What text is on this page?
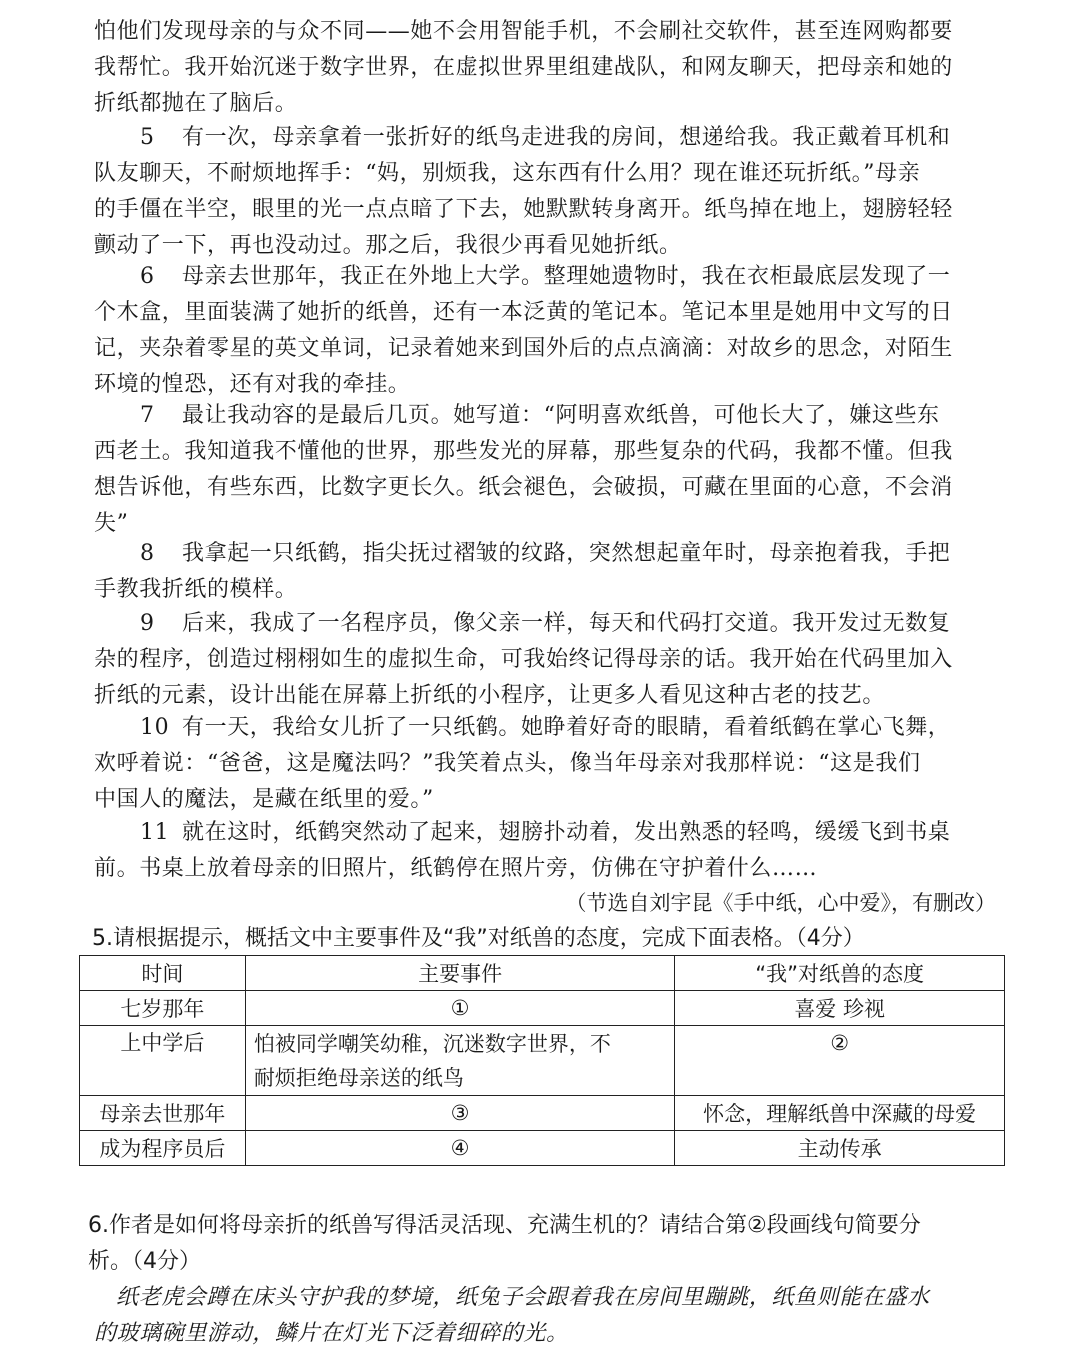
怕他们发现母亲的与众不同——她不会用智能手机，不会刷社交软件，甚至连网购都要
我帮忙。我开始沉迷于数字世界，在虚拟世界里组建战队，和网友聊天，把母亲和她的
折纸都抛在了脑后。
5 有一次，母亲拿着一张折好的纸鸟走进我的房间，想递给我。我正戴着耳机和
队友聊天，不耐烦地挥手：“妈，别烦我，这东西有什么用？现在谁还玩折纸。”母亲
的手僵在半空，眼里的光一点点暗了下去，她默默转身离开。纸鸟掉在地上，翅膀轻轻
颤动了一下，再也没动过。那之后，我很少再看见她折纸。
6 母亲去世那年，我正在外地上大学。整理她遗物时，我在衣柜最底层发现了一
个木盒，里面装满了她折的纸兽，还有一本泛黄的笔记本。笔记本里是她用中文写的日
记，夹杂着零星的英文单词，记录着她来到国外后的点点滴滴：对故乡的思念，对陌生
环境的惶恐，还有对我的牵挂。
7 最让我动容的是最后几页。她写道：“阿明喜欢纸兽，可他长大了，嫌这些东
西老土。我知道我不懂他的世界，那些发光的屏幕，那些复杂的代码，我都不懂。但我
想告诉他，有些东西，比数字更长久。纸会褪色，会破损，可藏在里面的心意，不会消
失”
8 我拿起一只纸鹤，指尖抚过褶皱的纹路，突然想起童年时，母亲抱着我，手把
手教我折纸的模样。
9 后来，我成了一名程序员，像父亲一样，每天和代码打交道。我开发过无数复
杂的程序，创造过栩栩如生的虚拟生命，可我始终记得母亲的话。我开始在代码里加入
折纸的元素，设计出能在屏幕上折纸的小程序，让更多人看见这种古老的技艺。
10 有一天，我给女儿折了一只纸鹤。她睁着好奇的眼睛，看着纸鹤在掌心飞舞，
欢呼着说：“爸爸，这是魔法吗？”我笑着点头，像当年母亲对我那样说：“这是我们
中国人的魔法，是藏在纸里的爱。”
11 就在这时，纸鹤突然动了起来，翅膀扑动着，发出熟悉的轻鸣，缓缓飞到书桌
前。书桌上放着母亲的旧照片，纸鹤停在照片旁，仿佛在守护着什么……
（节选自刘宇昆《手中纸，心中爱》，有删改）
5.请根据提示，概括文中主要事件及“我”对纸兽的态度，完成下面表格。（4分）
时间	主要事件	“我”对纸兽的态度
七岁那年	①	喜爱 珍视
上中学后	怕被同学嘲笑幼稚，沉迷数字世界，不
耐烦拒绝母亲送的纸鸟	②
母亲去世那年	③	怀念，理解纸兽中深藏的母爱
成为程序员后	④	主动传承
6.作者是如何将母亲折的纸兽写得活灵活现、充满生机的？请结合第②段画线句简要分
析。（4分）
纸老虎会蹲在床头守护我的梦境，纸兔子会跟着我在房间里蹦跳，纸鱼则能在盛水
的玻璃碗里游动，鳞片在灯光下泛着细碎的光。
